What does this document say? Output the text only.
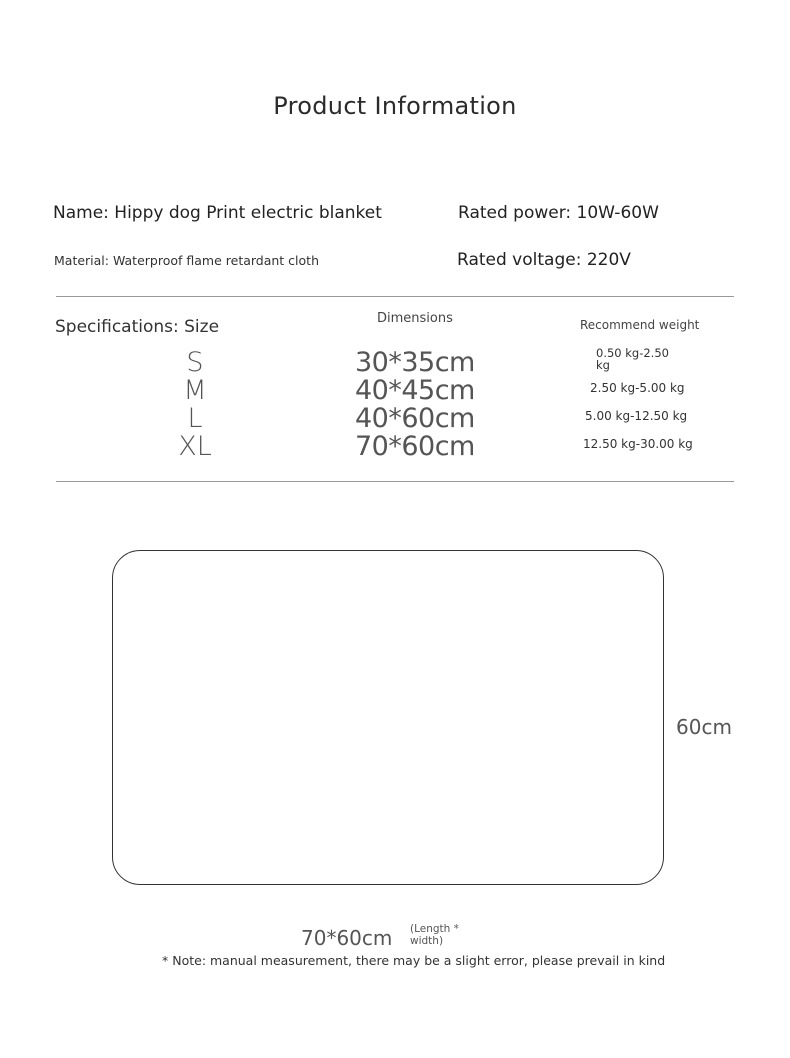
Product Information
Name: Hippy dog Print electric blanket	Rated power: 10W-60W
Material: Waterproof flame retardant cloth	Rated voltage: 220V
Specifications: Size	Dimensions	Recommend weight
S	30*35cm	0.50 kg-2.50 kg
M	40*45cm	2.50 kg-5.00 kg
L	40*60cm	5.00 kg-12.50 kg
XL	70*60cm	12.50 kg-30.00 kg
60cm
70*60cm (Length * width)
* Note: manual measurement, there may be a slight error, please prevail in kind
